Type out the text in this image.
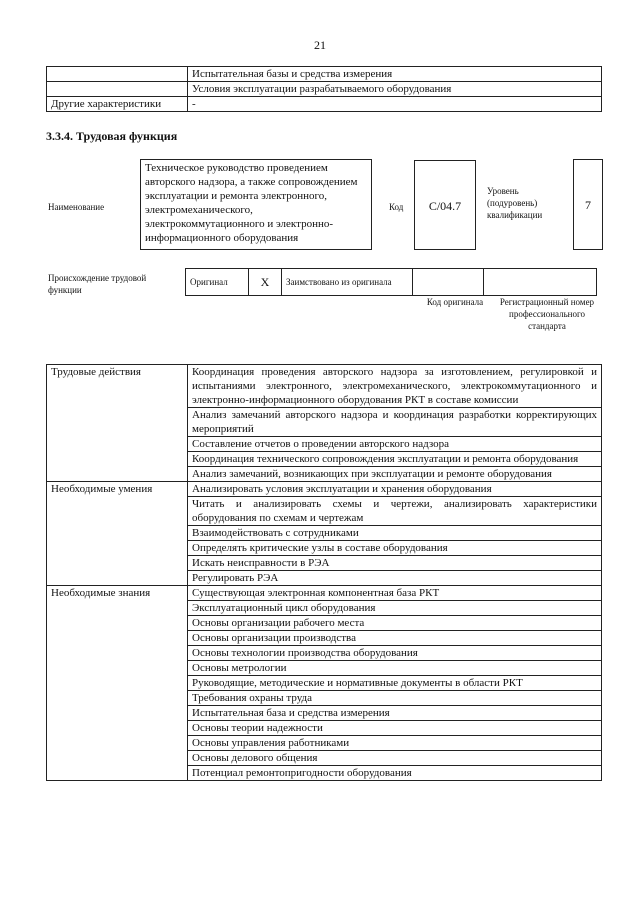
21
	Испытательная базы и средства измерения
	Условия эксплуатации разрабатываемого оборудования
Другие характеристики	-
3.3.4. Трудовая функция
Наименование
Техническое руководство проведением авторского надзора, а также сопровождением эксплуатации и ремонта электронного, электромеханического, электрокоммутационного и электронно-информационного оборудования
Код	C/04.7
Уровень (подуровень) квалификации
7
Происхождение трудовой функции
Оригинал	X	Заимствовано из оригинала		
Код оригинала	Регистрационный номер профессионального стандарта
Трудовые действия	Координация проведения авторского надзора за изготовлением, регулировкой и испытаниями электронного, электромеханического, электрокоммутационного и электронно-информационного оборудования РКТ в составе комиссии
	Анализ замечаний авторского надзора и координация разработки корректирующих мероприятий
	Составление отчетов о проведении авторского надзора
	Координация технического сопровождения эксплуатации и ремонта оборудования
	Анализ замечаний, возникающих при эксплуатации и ремонте оборудования
Необходимые умения	Анализировать условия эксплуатации и хранения оборудования
	Читать и анализировать схемы и чертежи, анализировать характеристики оборудования по схемам и чертежам
	Взаимодействовать с сотрудниками
	Определять критические узлы в составе оборудования
	Искать неисправности в РЭА
	Регулировать РЭА
Необходимые знания	Существующая электронная компонентная база РКТ
	Эксплуатационный цикл оборудования
	Основы организации рабочего места
	Основы организации производства
	Основы технологии производства оборудования
	Основы метрологии
	Руководящие, методические и нормативные документы в области РКТ
	Требования охраны труда
	Испытательная база и средства измерения
	Основы теории надежности
	Основы управления работниками
	Основы делового общения
	Потенциал ремонтопригодности оборудования
